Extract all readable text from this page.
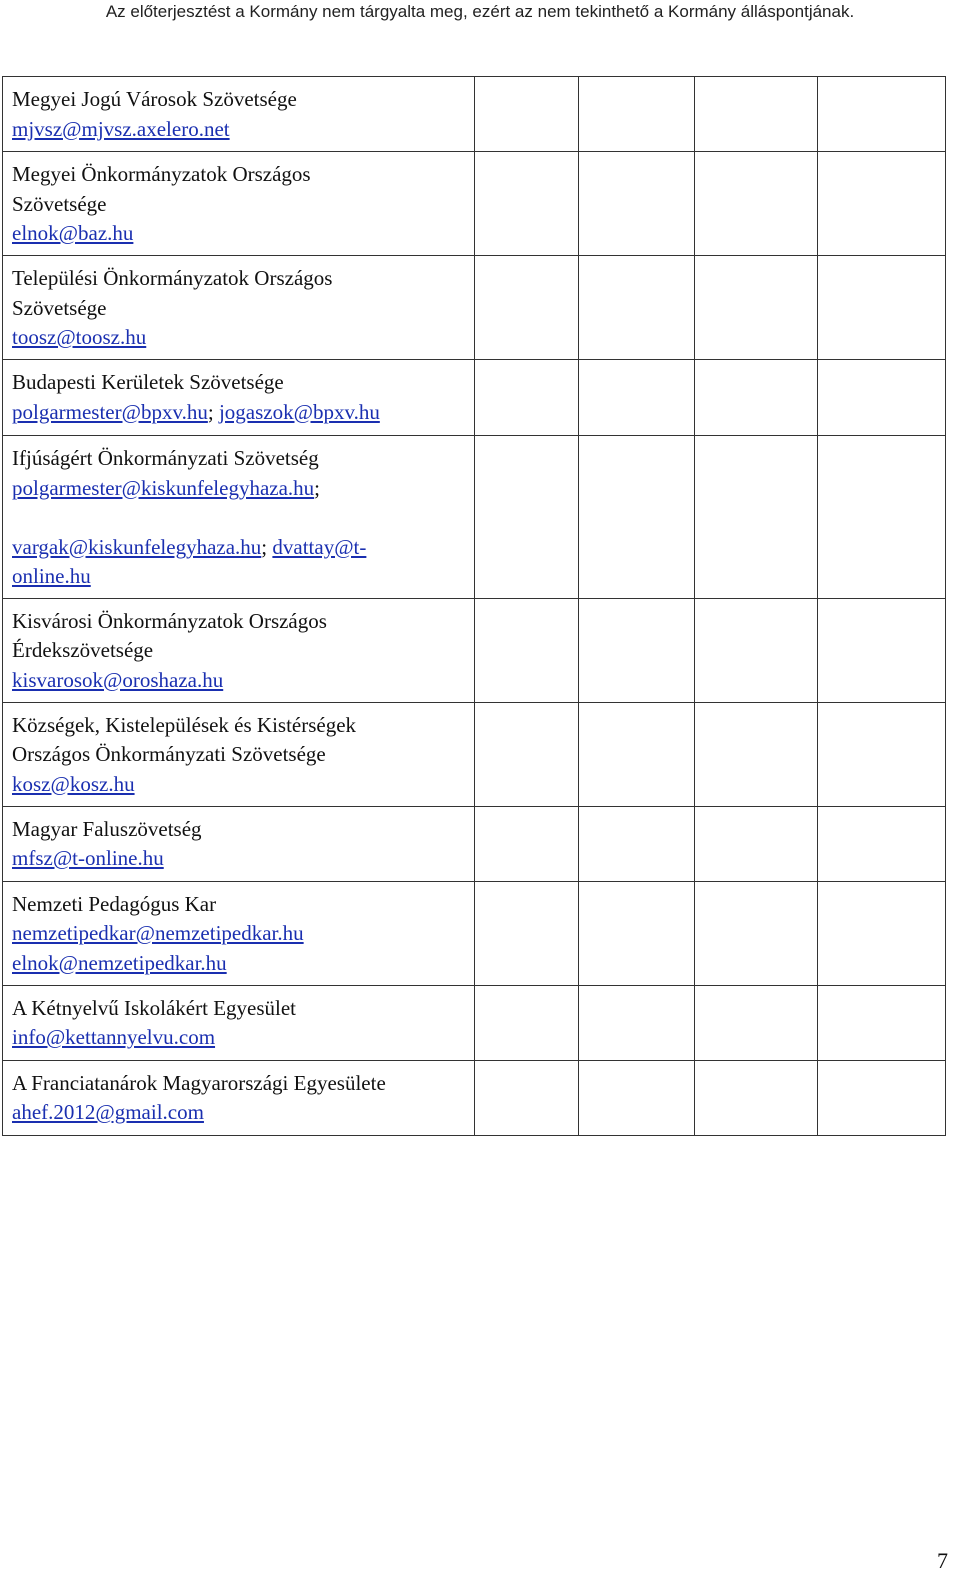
Az előterjesztést a Kormány nem tárgyalta meg, ezért az nem tekinthető a Kormány álláspontjának.
Megyei Jogú Városok Szövetsége
mjvsz@mjvsz.axelero.net				
Megyei Önkormányzatok Országos
Szövetsége
elnok@baz.hu				
Települési Önkormányzatok Országos
Szövetsége
toosz@toosz.hu				
Budapesti Kerületek Szövetsége
polgarmester@bpxv.hu; jogaszok@bpxv.hu				
Ifjúságért Önkormányzati Szövetség
polgarmester@kiskunfelegyhaza.hu;

vargak@kiskunfelegyhaza.hu; dvattay@t-
online.hu				
Kisvárosi Önkormányzatok Országos
Érdekszövetsége
kisvarosok@oroshaza.hu				
Községek, Kistelepülések és Kistérségek
Országos Önkormányzati Szövetsége
kosz@kosz.hu				
Magyar Faluszövetség
mfsz@t-online.hu				
Nemzeti Pedagógus Kar
nemzetipedkar@nemzetipedkar.hu
elnok@nemzetipedkar.hu				
A Kétnyelvű Iskolákért Egyesület
info@kettannyelvu.com				
A Franciatanárok Magyarországi Egyesülete
ahef.2012@gmail.com				
7
